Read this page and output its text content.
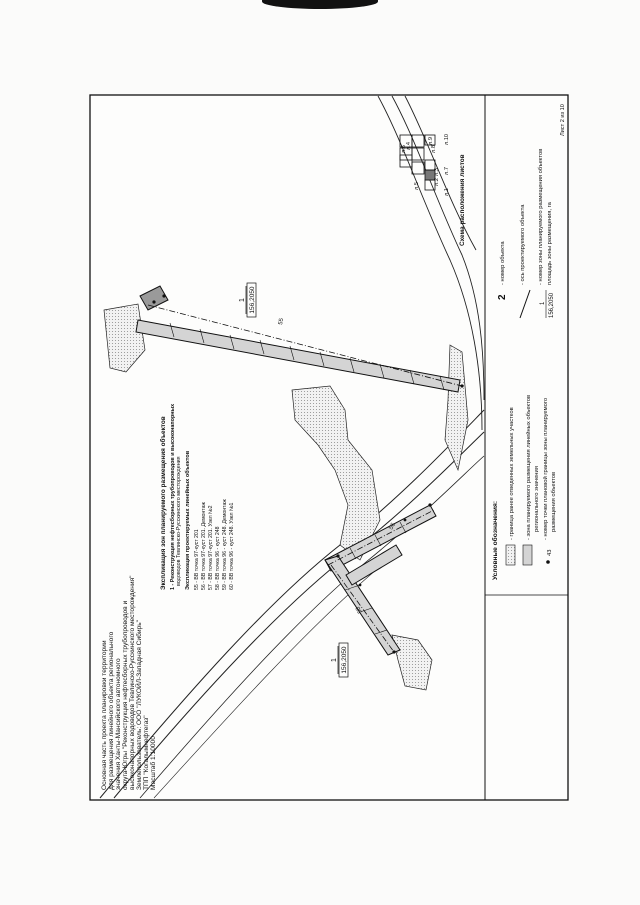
1 156,2050
1 156,2050
55
56
58
Основная часть проекта планировки территории для размещения линейного объекта регионального значения Ханты-Мансийского автономного округа-Югры "Реконструкция нефтесборных трубопроводов и высоконапорных водоводов Тевлинско-Русскинского месторождения" Землепользователь: ООО "ЛУКОЙЛ-Западная Сибирь" ТПП "Когалымнефтегаз" Масштаб 1:10000
Экспликация зон планируемого размещения объектов 1 - Реконструкция нефтесборных трубопроводов и высоконапорных водоводов Тевлинско-Русскинского месторождения Экспликация проектируемых линейных объектов 55 - ВВ точка 97-куст 201 56 - ВВ точка 97-куст 201. Демонтаж 57 - ВВ точка 97-куст 201. Узел №2 58 - ВВ точка 96 - куст 248 59 - ВВ точка 96 - куст 248. Демонтаж 60 - ВВ точка 96 - куст 248. Узел №1
Схема расположения листов
л.1
л.2
л.3
л.4
л.5
л.6
л.7
л.8
л.9 л.10
Условные обозначения:	43
- граница ранее отведенных земельных участков - зона планируемого размещения линейных объектов регионального значения - номер точки плановой границы зоны планируемого размещения объектов
2
- номер объекта - ось проектируемого объекта
1 156,2050
- номер зоны планируемого размещения объектов площадь зоны размещения, га
Лист 2 из 10
